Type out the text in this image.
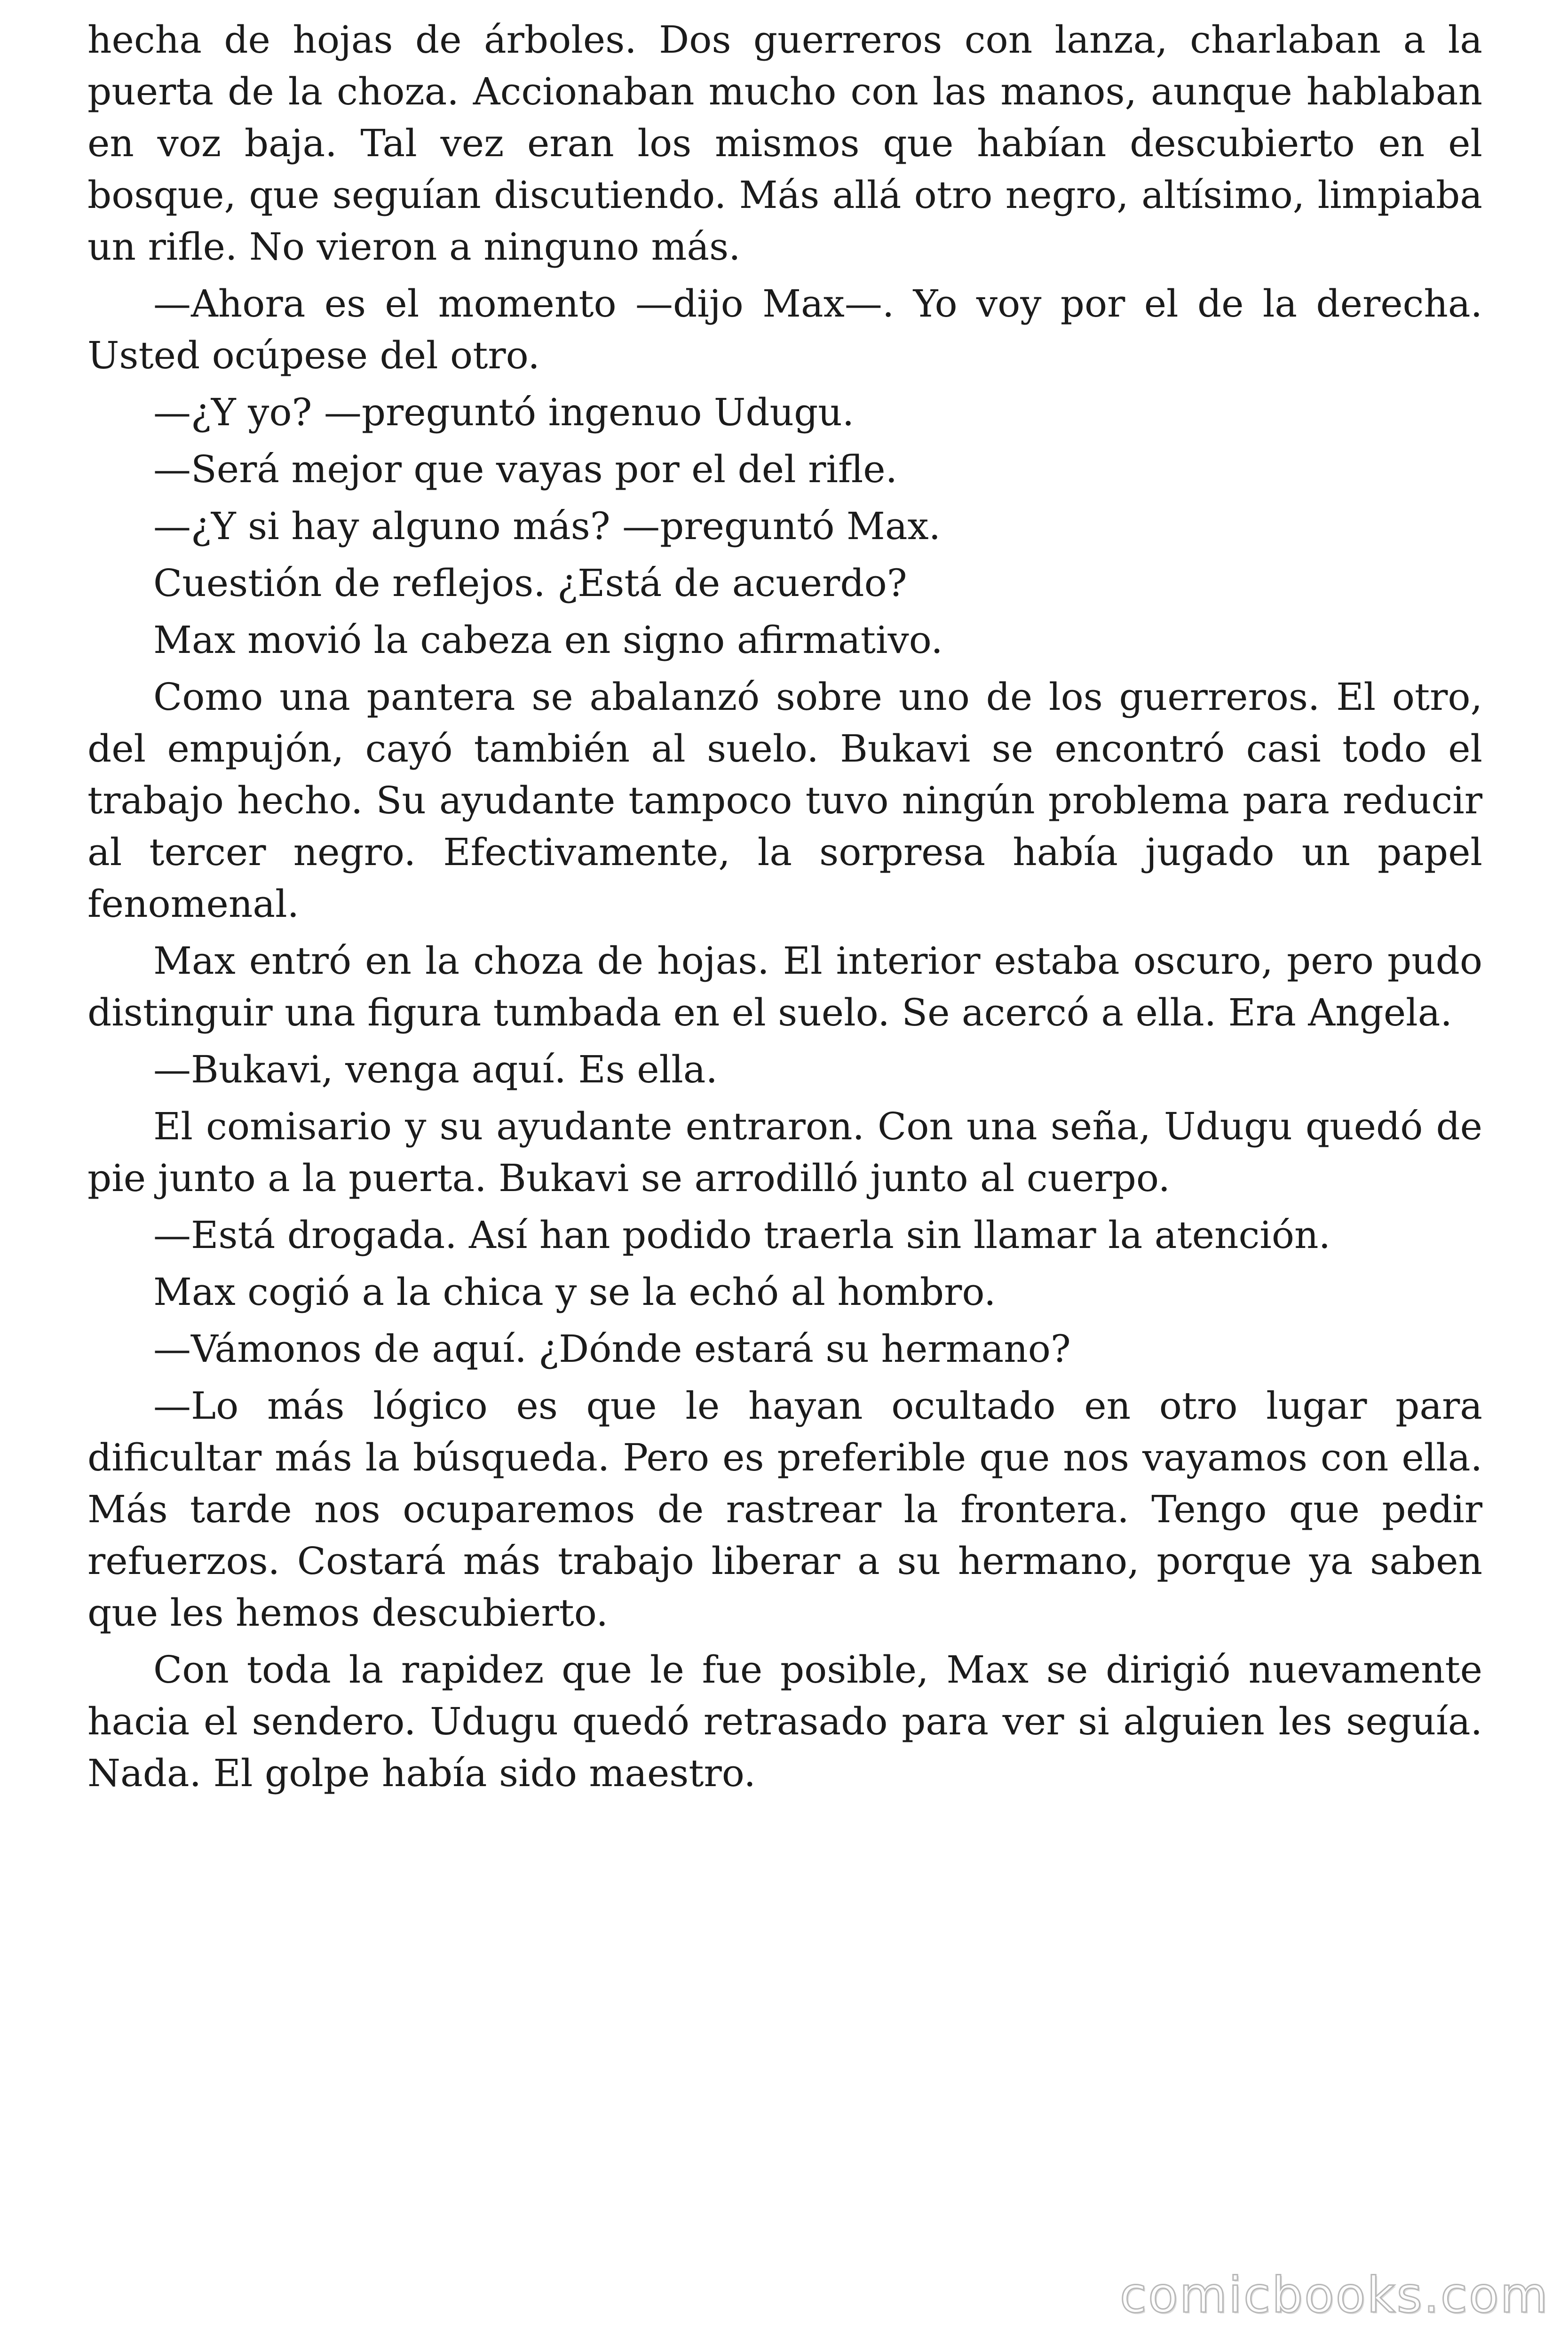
hecha de hojas de árboles. Dos guerreros con lanza, charlaban a la puerta de la choza. Accionaban mucho con las manos, aunque hablaban en voz baja. Tal vez eran los mismos que habían descubierto en el bosque, que seguían discutiendo. Más allá otro negro, altísimo, limpiaba un rifle. No vieron a ninguno más.

—Ahora es el momento —dijo Max—. Yo voy por el de la derecha. Usted ocúpese del otro.

—¿Y yo? —preguntó ingenuo Udugu.

—Será mejor que vayas por el del rifle.

—¿Y si hay alguno más? —preguntó Max.

Cuestión de reflejos. ¿Está de acuerdo?

Max movió la cabeza en signo afirmativo.

Como una pantera se abalanzó sobre uno de los guerreros. El otro, del empujón, cayó también al suelo. Bukavi se encontró casi todo el trabajo hecho. Su ayudante tampoco tuvo ningún problema para reducir al tercer negro. Efectivamente, la sorpresa había jugado un papel fenomenal.

Max entró en la choza de hojas. El interior estaba oscuro, pero pudo distinguir una figura tumbada en el suelo. Se acercó a ella. Era Angela.

—Bukavi, venga aquí. Es ella.

El comisario y su ayudante entraron. Con una seña, Udugu quedó de pie junto a la puerta. Bukavi se arrodilló junto al cuerpo.

—Está drogada. Así han podido traerla sin llamar la atención.

Max cogió a la chica y se la echó al hombro.

—Vámonos de aquí. ¿Dónde estará su hermano?

—Lo más lógico es que le hayan ocultado en otro lugar para dificultar más la búsqueda. Pero es preferible que nos vayamos con ella. Más tarde nos ocuparemos de rastrear la frontera. Tengo que pedir refuerzos. Costará más trabajo liberar a su hermano, porque ya saben que les hemos descubierto.

Con toda la rapidez que le fue posible, Max se dirigió nuevamente hacia el sendero. Udugu quedó retrasado para ver si alguien les seguía. Nada. El golpe había sido maestro.

comicbooks.com
